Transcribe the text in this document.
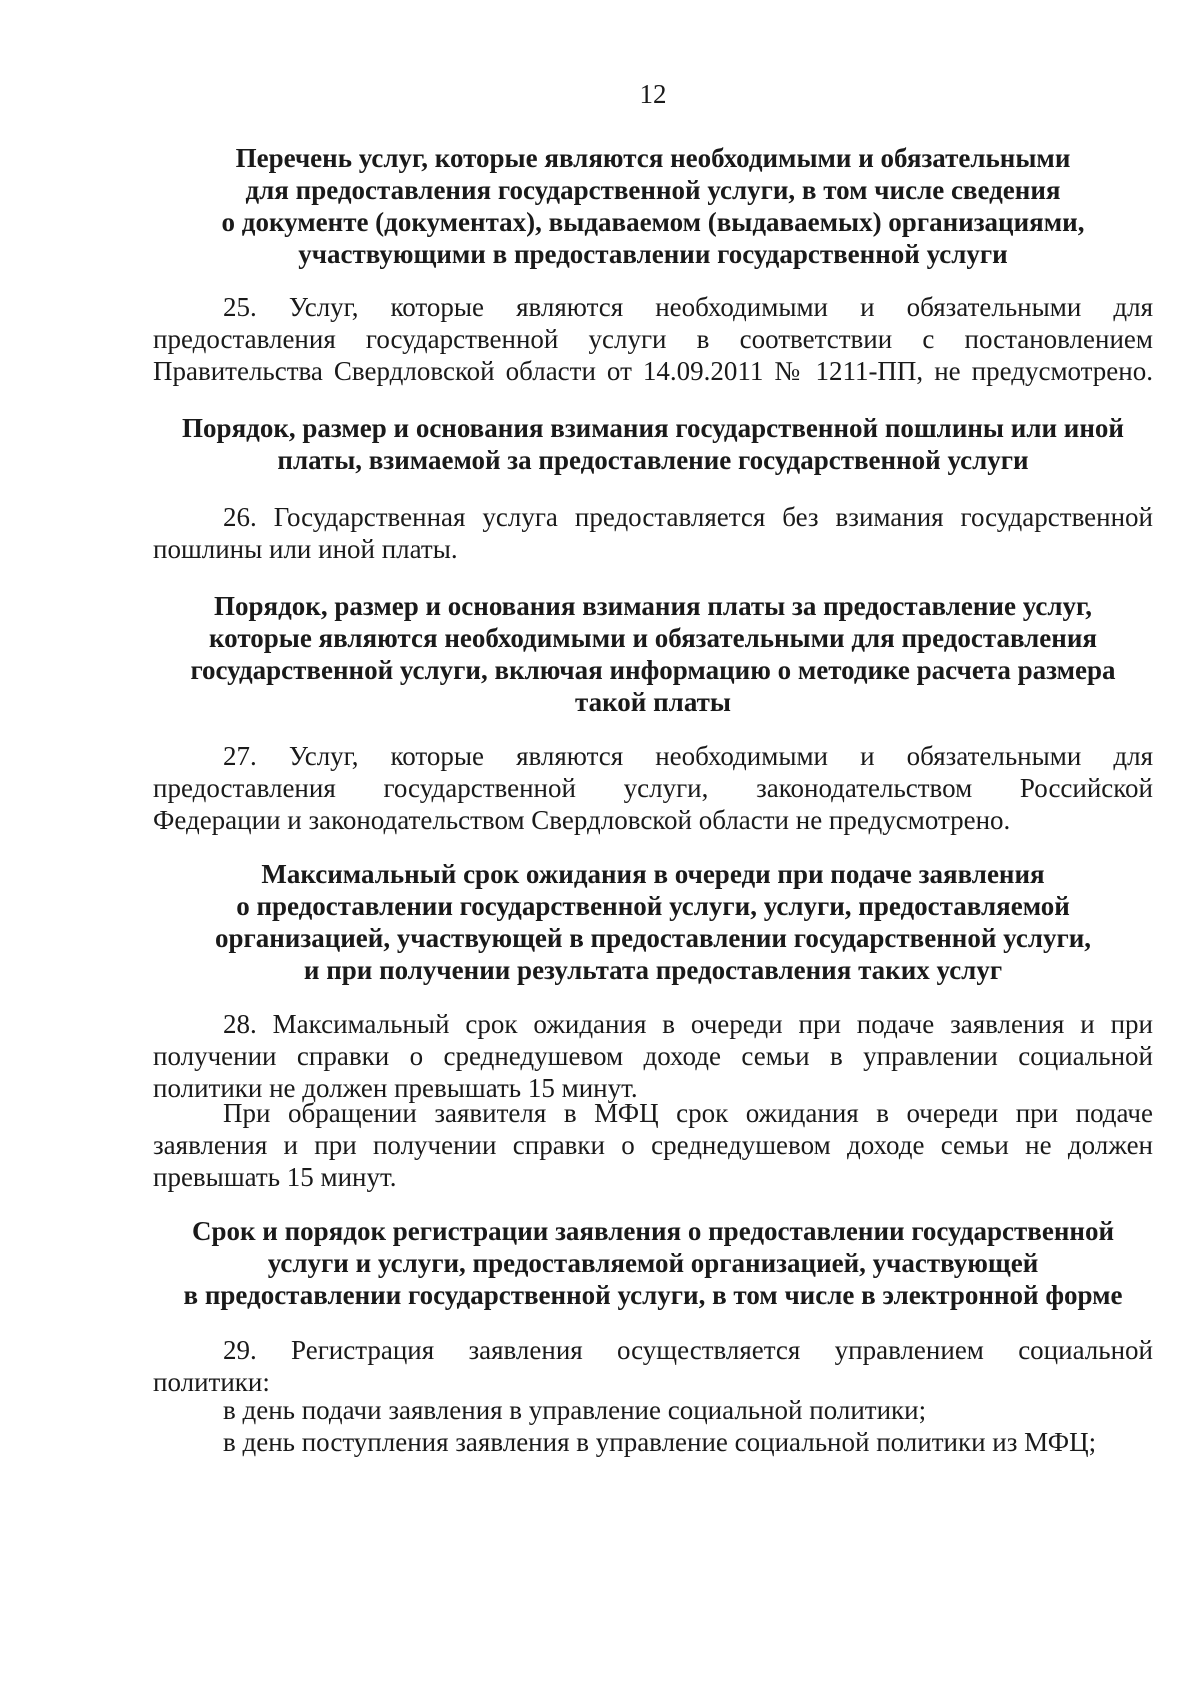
12
Перечень услуг, которые являются необходимыми и обязательными
для предоставления государственной услуги, в том числе сведения
о документе (документах), выдаваемом (выдаваемых) организациями,
участвующими в предоставлении государственной услуги
25. Услуг, которые являются необходимыми и обязательными для
предоставления государственной услуги в соответствии с постановлением
Правительства Свердловской области от 14.09.2011 № 1211-ПП, не предусмотрено.
Порядок, размер и основания взимания государственной пошлины или иной
платы, взимаемой за предоставление государственной услуги
26. Государственная услуга предоставляется без взимания государственной
пошлины или иной платы.
Порядок, размер и основания взимания платы за предоставление услуг,
которые являются необходимыми и обязательными для предоставления
государственной услуги, включая информацию о методике расчета размера
такой платы
27. Услуг, которые являются необходимыми и обязательными для
предоставления государственной услуги, законодательством Российской
Федерации и законодательством Свердловской области не предусмотрено.
Максимальный срок ожидания в очереди при подаче заявления
о предоставлении государственной услуги, услуги, предоставляемой
организацией, участвующей в предоставлении государственной услуги,
и при получении результата предоставления таких услуг
28. Максимальный срок ожидания в очереди при подаче заявления и при
получении справки о среднедушевом доходе семьи в управлении социальной
политики не должен превышать 15 минут.
При обращении заявителя в МФЦ срок ожидания в очереди при подаче
заявления и при получении справки о среднедушевом доходе семьи не должен
превышать 15 минут.
Срок и порядок регистрации заявления о предоставлении государственной
услуги и услуги, предоставляемой организацией, участвующей
в предоставлении государственной услуги, в том числе в электронной форме
29. Регистрация заявления осуществляется управлением социальной
политики:
в день подачи заявления в управление социальной политики;
в день поступления заявления в управление социальной политики из МФЦ;
